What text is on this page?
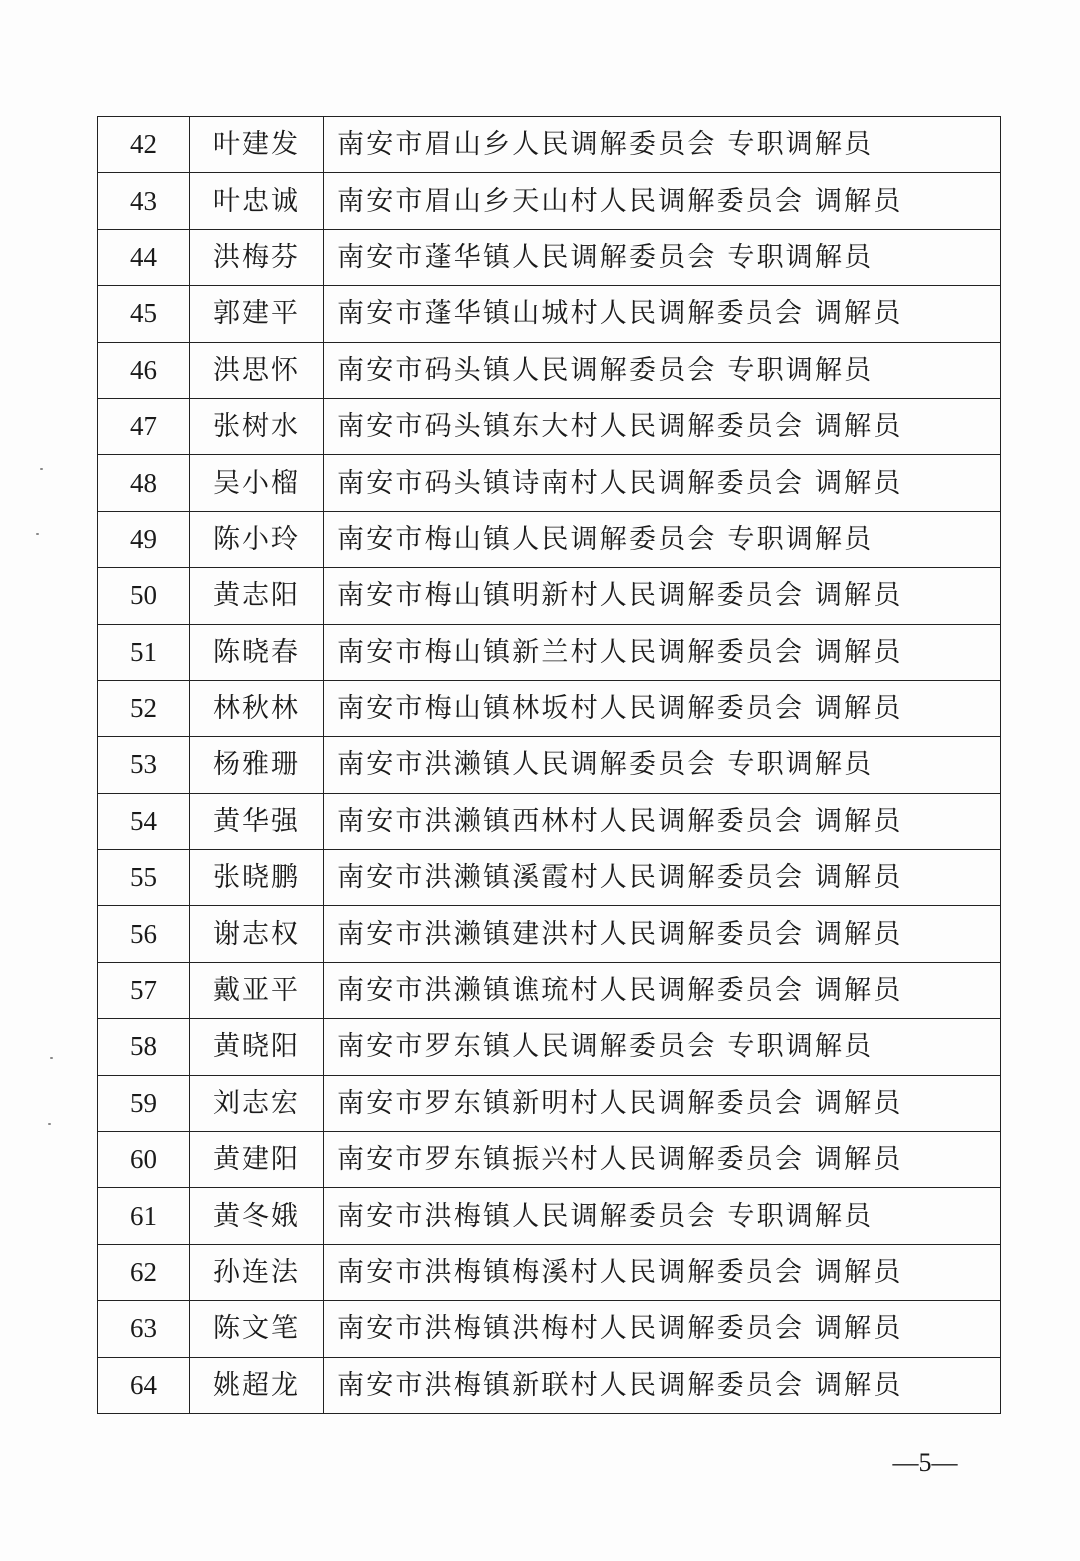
42	叶建发	南安市眉山乡人民调解委员会 专职调解员
43	叶忠诚	南安市眉山乡天山村人民调解委员会 调解员
44	洪梅芬	南安市蓬华镇人民调解委员会 专职调解员
45	郭建平	南安市蓬华镇山城村人民调解委员会 调解员
46	洪思怀	南安市码头镇人民调解委员会 专职调解员
47	张树水	南安市码头镇东大村人民调解委员会 调解员
48	吴小榴	南安市码头镇诗南村人民调解委员会 调解员
49	陈小玲	南安市梅山镇人民调解委员会 专职调解员
50	黄志阳	南安市梅山镇明新村人民调解委员会 调解员
51	陈晓春	南安市梅山镇新兰村人民调解委员会 调解员
52	林秋林	南安市梅山镇林坂村人民调解委员会 调解员
53	杨雅珊	南安市洪濑镇人民调解委员会 专职调解员
54	黄华强	南安市洪濑镇西林村人民调解委员会 调解员
55	张晓鹏	南安市洪濑镇溪霞村人民调解委员会 调解员
56	谢志权	南安市洪濑镇建洪村人民调解委员会 调解员
57	戴亚平	南安市洪濑镇谯琉村人民调解委员会 调解员
58	黄晓阳	南安市罗东镇人民调解委员会 专职调解员
59	刘志宏	南安市罗东镇新明村人民调解委员会 调解员
60	黄建阳	南安市罗东镇振兴村人民调解委员会 调解员
61	黄冬娥	南安市洪梅镇人民调解委员会 专职调解员
62	孙连法	南安市洪梅镇梅溪村人民调解委员会 调解员
63	陈文笔	南安市洪梅镇洪梅村人民调解委员会 调解员
64	姚超龙	南安市洪梅镇新联村人民调解委员会 调解员
—5—
